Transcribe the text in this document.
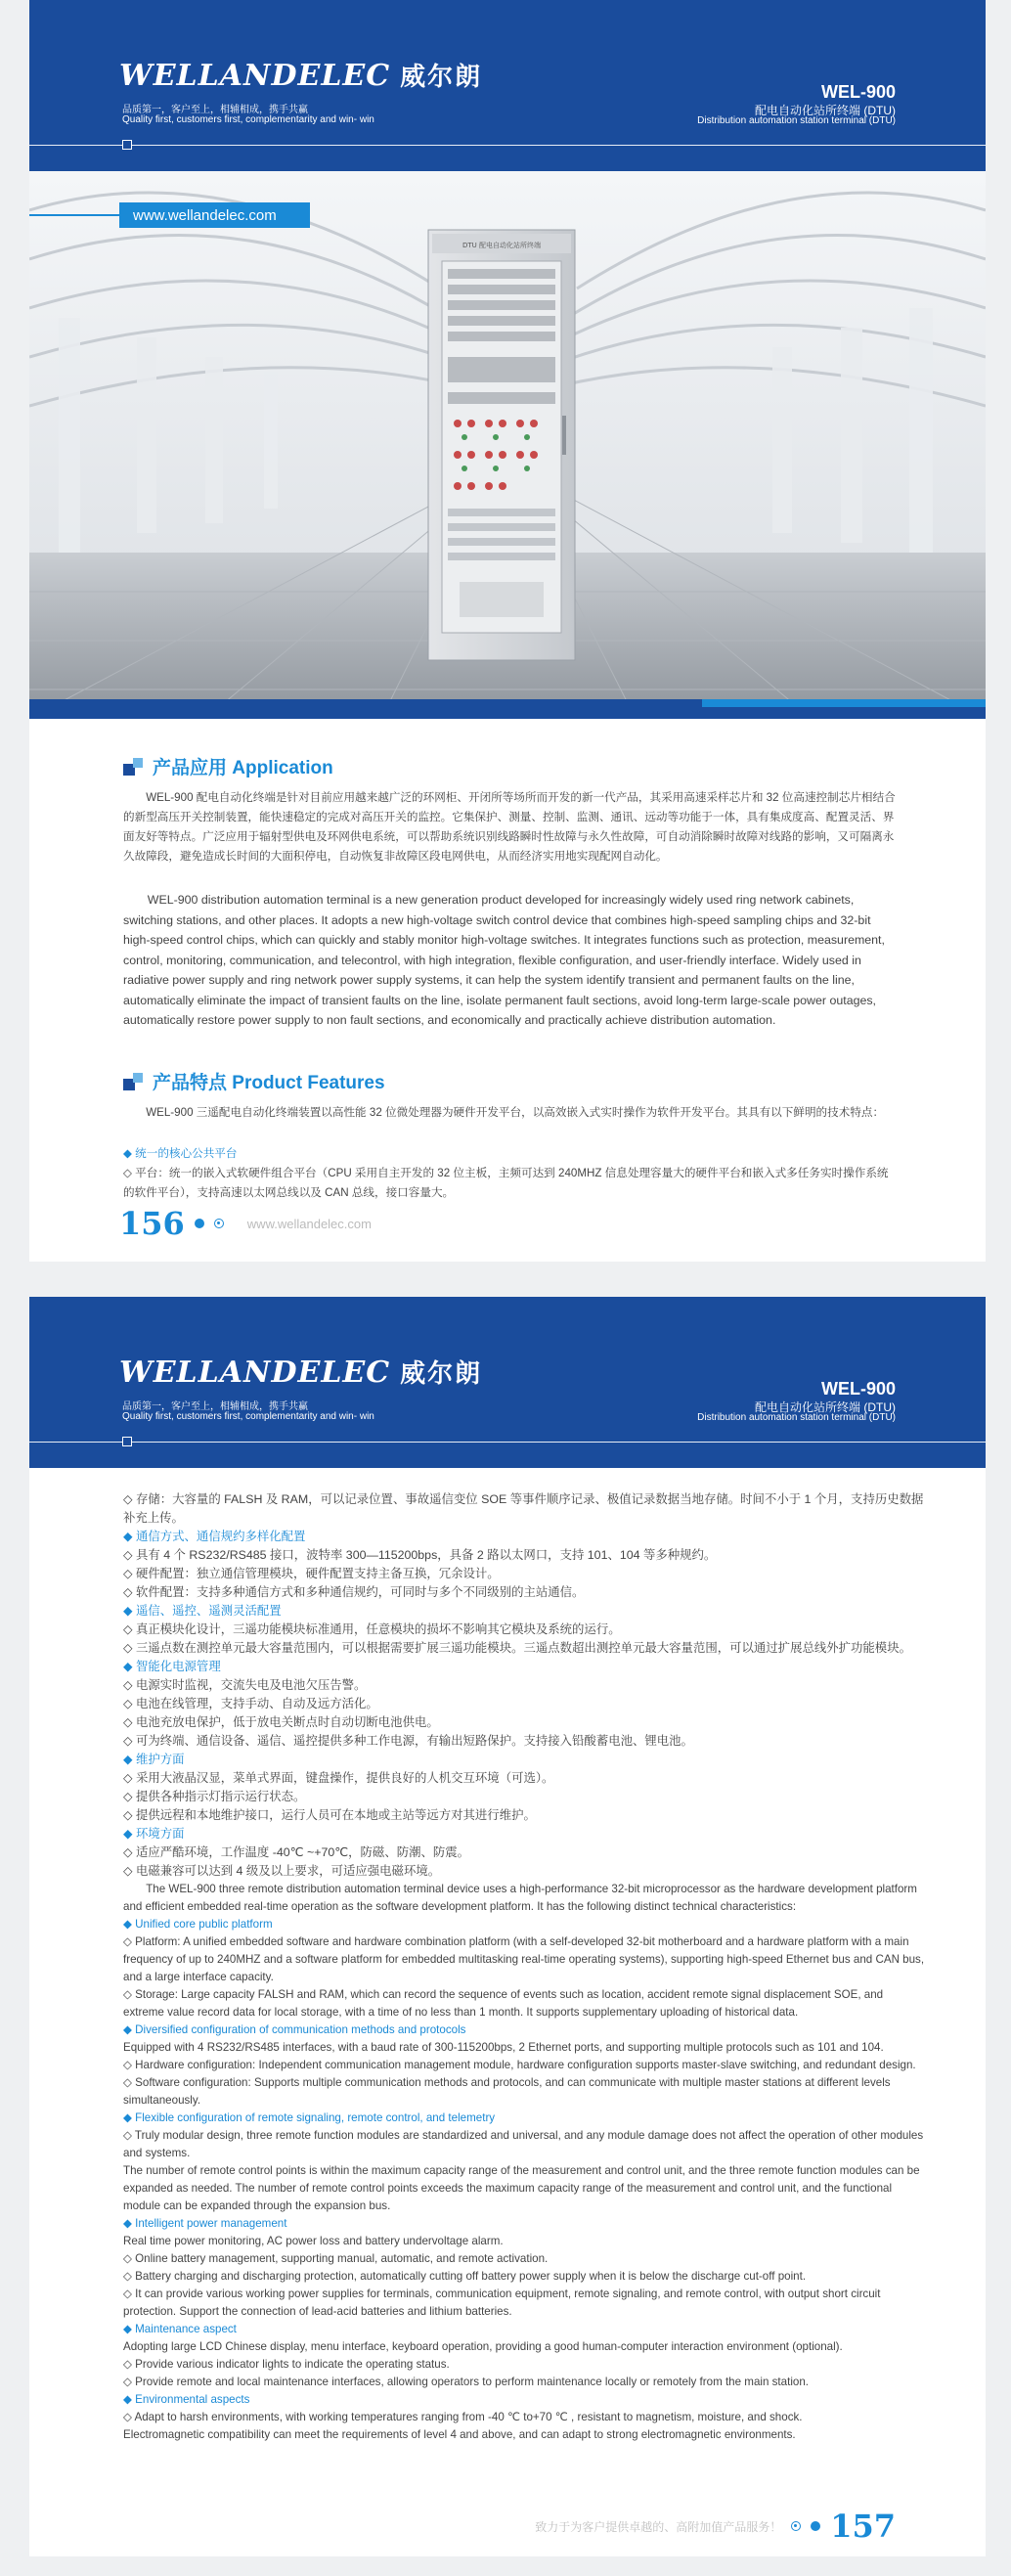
WELLANDELEC 威尔朗
品质第一，客户至上，相辅相成，携手共赢
Quality first, customers first, complementarity and win- win
WEL-900
配电自动化站所终端 (DTU)
Distribution automation station terminal (DTU)
DTU 配电自动化站所终端
www.wellandelec.com
产品应用 Application

WEL-900 配电自动化终端是针对目前应用越来越广泛的环网柜、开闭所等场所而开发的新一代产品，其采用高速采样芯片和 32 位高速控制芯片相结合的新型高压开关控制装置，能快速稳定的完成对高压开关的监控。它集保护、测量、控制、监测、通讯、远动等功能于一体，具有集成度高、配置灵活、界面友好等特点。广泛应用于辐射型供电及环网供电系统，可以帮助系统识别线路瞬时性故障与永久性故障，可自动消除瞬时故障对线路的影响，又可隔离永久故障段，避免造成长时间的大面积停电，自动恢复非故障区段电网供电，从而经济实用地实现配网自动化。

WEL-900 distribution automation terminal is a new generation product developed for increasingly widely used ring network cabinets, switching stations, and other places. It adopts a new high-voltage switch control device that combines high-speed sampling chips and 32-bit high-speed control chips, which can quickly and stably monitor high-voltage switches. It integrates functions such as protection, measurement, control, monitoring, communication, and telecontrol, with high integration, flexible configuration, and user-friendly interface. Widely used in radiative power supply and ring network power supply systems, it can help the system identify transient and permanent faults on the line, automatically eliminate the impact of transient faults on the line, isolate permanent fault sections, avoid long-term large-scale power outages, automatically restore power supply to non fault sections, and economically and practically achieve distribution automation.

产品特点 Product Features

WEL-900 三遥配电自动化终端装置以高性能 32 位微处理器为硬件开发平台，以高效嵌入式实时操作为软件开发平台。其具有以下鲜明的技术特点：

◆ 统一的核心公共平台

◇ 平台：统一的嵌入式软硬件组合平台（CPU 采用自主开发的 32 位主板，主频可达到 240MHZ 信息处理容量大的硬件平台和嵌入式多任务实时操作系统的软件平台），支持高速以太网总线以及 CAN 总线，接口容量大。

156	www.wellandelec.com
WELLANDELEC 威尔朗
品质第一，客户至上，相辅相成，携手共赢
Quality first, customers first, complementarity and win- win
WEL-900
配电自动化站所终端 (DTU)
Distribution automation station terminal (DTU)

◇ 存储：大容量的 FALSH 及 RAM，可以记录位置、事故遥信变位 SOE 等事件顺序记录、极值记录数据当地存储。时间不小于 1 个月，支持历史数据补充上传。

◆ 通信方式、通信规约多样化配置

◇ 具有 4 个 RS232/RS485 接口，波特率 300—115200bps，具备 2 路以太网口，支持 101、104 等多种规约。

◇ 硬件配置：独立通信管理模块，硬件配置支持主备互换，冗余设计。

◇ 软件配置：支持多种通信方式和多种通信规约，可同时与多个不同级别的主站通信。

◆ 遥信、遥控、遥测灵活配置

◇ 真正模块化设计，三遥功能模块标准通用，任意模块的损坏不影响其它模块及系统的运行。

◇ 三遥点数在测控单元最大容量范围内，可以根据需要扩展三遥功能模块。三遥点数超出测控单元最大容量范围，可以通过扩展总线外扩功能模块。

◆ 智能化电源管理

◇ 电源实时监视，交流失电及电池欠压告警。

◇ 电池在线管理，支持手动、自动及远方活化。

◇ 电池充放电保护，低于放电关断点时自动切断电池供电。

◇ 可为终端、通信设备、遥信、遥控提供多种工作电源，有输出短路保护。支持接入铅酸蓄电池、锂电池。

◆ 维护方面

◇ 采用大液晶汉显，菜单式界面，键盘操作，提供良好的人机交互环境（可选）。

◇ 提供各种指示灯指示运行状态。

◇ 提供远程和本地维护接口，运行人员可在本地或主站等远方对其进行维护。

◆ 环境方面

◇ 适应严酷环境，工作温度 -40℃ ~+70℃，防磁、防潮、防震。

◇ 电磁兼容可以达到 4 级及以上要求，可适应强电磁环境。

The WEL-900 three remote distribution automation terminal device uses a high-performance 32-bit microprocessor as the hardware development platform and efficient embedded real-time operation as the software development platform. It has the following distinct technical characteristics:

◆ Unified core public platform

◇ Platform: A unified embedded software and hardware combination platform (with a self-developed 32-bit motherboard and a hardware platform with a main frequency of up to 240MHZ and a software platform for embedded multitasking real-time operating systems), supporting high-speed Ethernet bus and CAN bus, and a large interface capacity.

◇ Storage: Large capacity FALSH and RAM, which can record the sequence of events such as location, accident remote signal displacement SOE, and extreme value record data for local storage, with a time of no less than 1 month. It supports supplementary uploading of historical data.

◆ Diversified configuration of communication methods and protocols

Equipped with 4 RS232/RS485 interfaces, with a baud rate of 300-115200bps, 2 Ethernet ports, and supporting multiple protocols such as 101 and 104.

◇ Hardware configuration: Independent communication management module, hardware configuration supports master-slave switching, and redundant design.

◇ Software configuration: Supports multiple communication methods and protocols, and can communicate with multiple master stations at different levels simultaneously.

◆ Flexible configuration of remote signaling, remote control, and telemetry

◇ Truly modular design, three remote function modules are standardized and universal, and any module damage does not affect the operation of other modules and systems.

The number of remote control points is within the maximum capacity range of the measurement and control unit, and the three remote function modules can be expanded as needed. The number of remote control points exceeds the maximum capacity range of the measurement and control unit, and the functional module can be expanded through the expansion bus.

◆ Intelligent power management

Real time power monitoring, AC power loss and battery undervoltage alarm.

◇ Online battery management, supporting manual, automatic, and remote activation.

◇ Battery charging and discharging protection, automatically cutting off battery power supply when it is below the discharge cut-off point.

◇ It can provide various working power supplies for terminals, communication equipment, remote signaling, and remote control, with output short circuit protection. Support the connection of lead-acid batteries and lithium batteries.

◆ Maintenance aspect

Adopting large LCD Chinese display, menu interface, keyboard operation, providing a good human-computer interaction environment (optional).

◇ Provide various indicator lights to indicate the operating status.

◇ Provide remote and local maintenance interfaces, allowing operators to perform maintenance locally or remotely from the main station.

◆ Environmental aspects

◇ Adapt to harsh environments, with working temperatures ranging from -40 ℃ to+70 ℃ , resistant to magnetism, moisture, and shock.

Electromagnetic compatibility can meet the requirements of level 4 and above, and can adapt to strong electromagnetic environments.

致力于为客户提供卓越的、高附加值产品服务！ 157
